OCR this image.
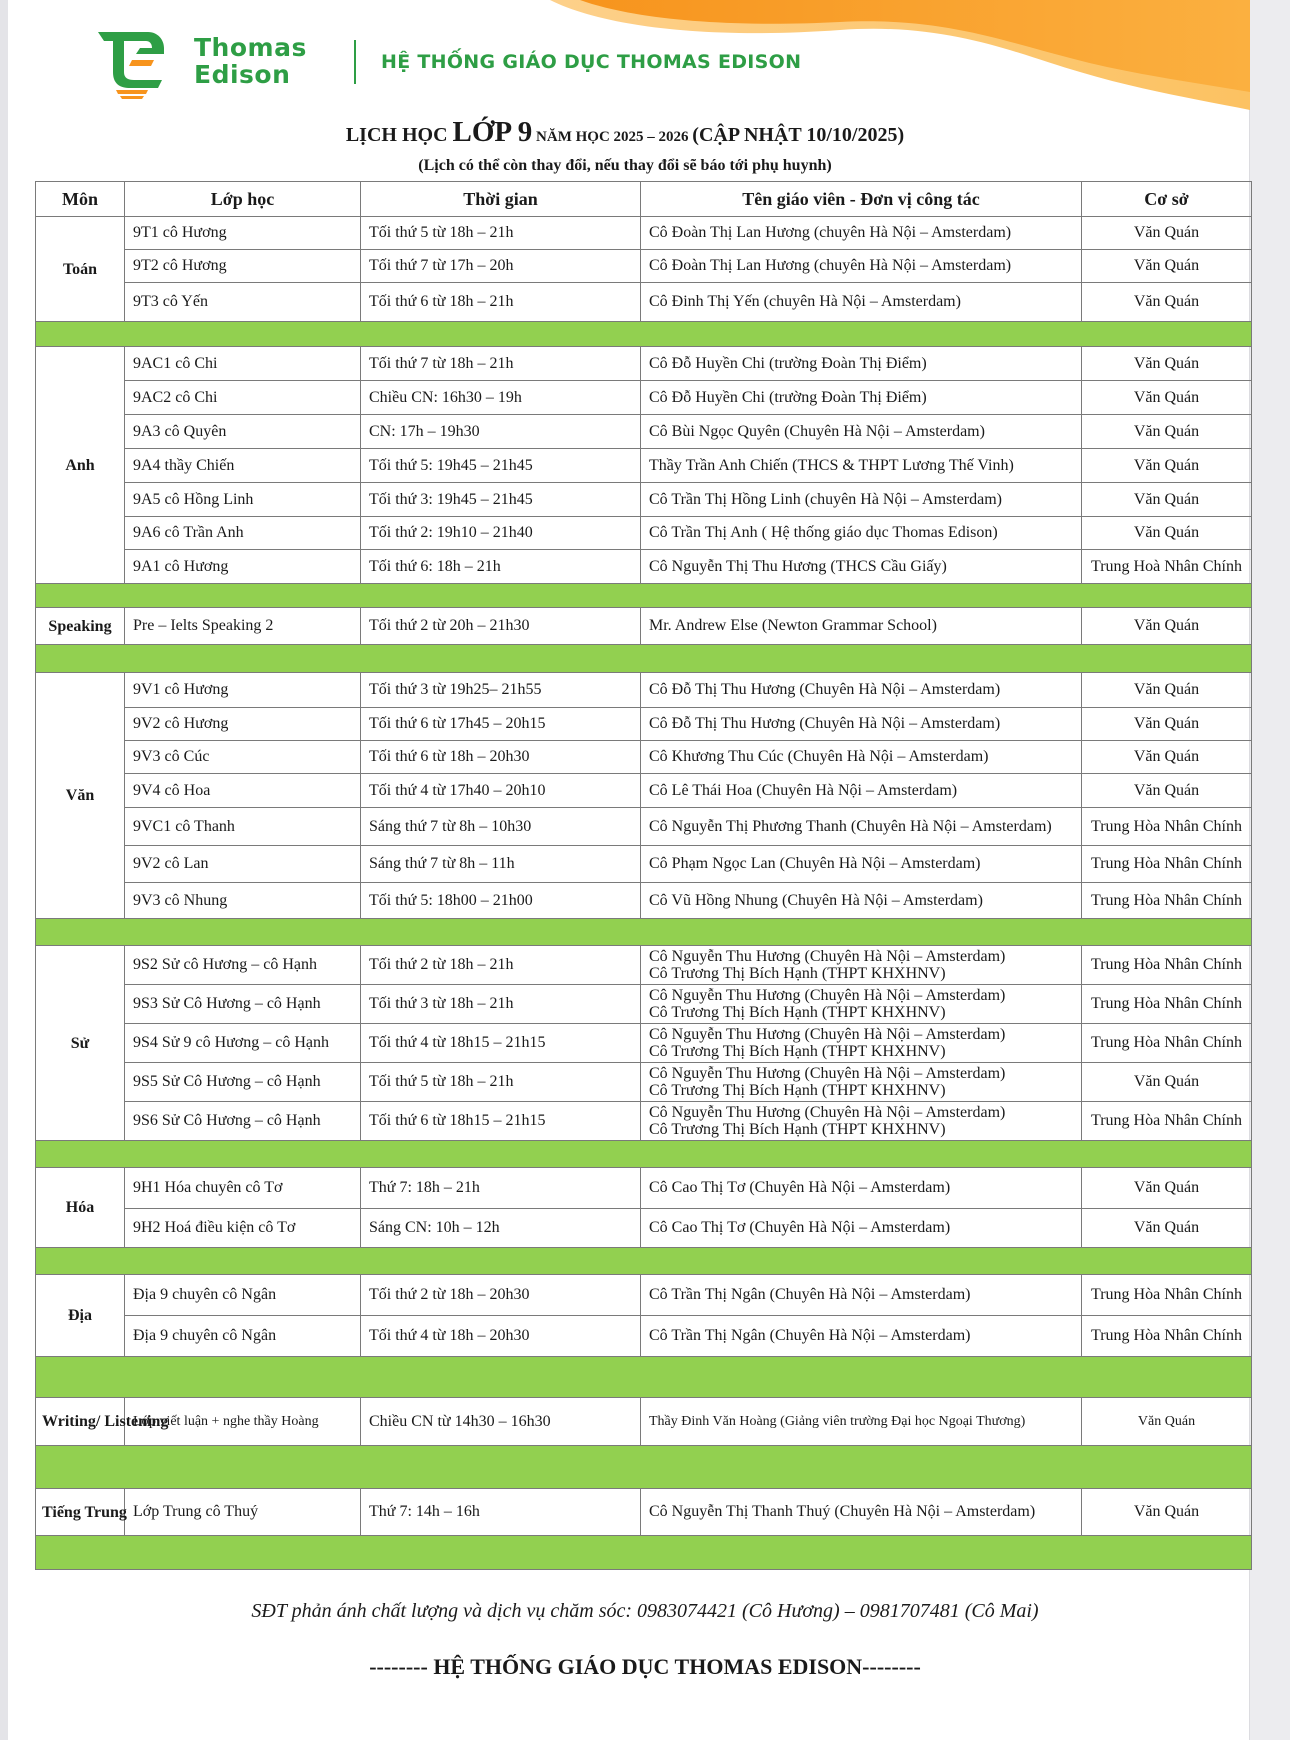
Thomas
Edison	HỆ THỐNG GIÁO DỤC THOMAS EDISON
LỊCH HỌC LỚP 9 NĂM HỌC 2025 – 2026 (CẬP NHẬT 10/10/2025)
(Lịch có thể còn thay đổi, nếu thay đổi sẽ báo tới phụ huynh)
Môn	Lớp học	Thời gian	Tên giáo viên - Đơn vị công tác	Cơ sở
Toán	9T1 cô Hương	Tối thứ 5 từ 18h – 21h	Cô Đoàn Thị Lan Hương (chuyên Hà Nội – Amsterdam)	Văn Quán
	9T2 cô Hương	Tối thứ 7 từ 17h – 20h	Cô Đoàn Thị Lan Hương (chuyên Hà Nội – Amsterdam)	Văn Quán
	9T3 cô Yến	Tối thứ 6 từ 18h – 21h	Cô Đinh Thị Yến (chuyên Hà Nội – Amsterdam)	Văn Quán

Anh	9AC1 cô Chi	Tối thứ 7 từ 18h – 21h	Cô Đỗ Huyền Chi (trường Đoàn Thị Điểm)	Văn Quán
	9AC2 cô Chi	Chiều CN: 16h30 – 19h	Cô Đỗ Huyền Chi (trường Đoàn Thị Điểm)	Văn Quán
	9A3 cô Quyên	CN: 17h – 19h30	Cô Bùi Ngọc Quyên (Chuyên Hà Nội – Amsterdam)	Văn Quán
	9A4 thầy Chiến	Tối thứ 5: 19h45 – 21h45	Thầy Trần Anh Chiến (THCS & THPT Lương Thế Vinh)	Văn Quán
	9A5 cô Hồng Linh	Tối thứ 3: 19h45 – 21h45	Cô Trần Thị Hồng Linh (chuyên Hà Nội – Amsterdam)	Văn Quán
	9A6 cô Trần Anh	Tối thứ 2: 19h10 – 21h40	Cô Trần Thị Anh ( Hệ thống giáo dục Thomas Edison)	Văn Quán
	9A1 cô Hương	Tối thứ 6: 18h – 21h	Cô Nguyễn Thị Thu Hương (THCS Cầu Giấy)	Trung Hoà Nhân Chính

Speaking	Pre – Ielts Speaking 2	Tối thứ 2 từ 20h – 21h30	Mr. Andrew Else (Newton Grammar School)	Văn Quán

Văn	9V1 cô Hương	Tối thứ 3 từ 19h25– 21h55	Cô Đỗ Thị Thu Hương (Chuyên Hà Nội – Amsterdam)	Văn Quán
	9V2 cô Hương	Tối thứ 6 từ 17h45 – 20h15	Cô Đỗ Thị Thu Hương (Chuyên Hà Nội – Amsterdam)	Văn Quán
	9V3 cô Cúc	Tối thứ 6 từ 18h – 20h30	Cô Khương Thu Cúc (Chuyên Hà Nội – Amsterdam)	Văn Quán
	9V4 cô Hoa	Tối thứ 4 từ 17h40 – 20h10	Cô Lê Thái Hoa (Chuyên Hà Nội – Amsterdam)	Văn Quán
	9VC1 cô Thanh	Sáng thứ 7 từ 8h – 10h30	Cô Nguyễn Thị Phương Thanh (Chuyên Hà Nội – Amsterdam)	Trung Hòa Nhân Chính
	9V2 cô Lan	Sáng thứ 7 từ 8h – 11h	Cô Phạm Ngọc Lan (Chuyên Hà Nội – Amsterdam)	Trung Hòa Nhân Chính
	9V3 cô Nhung	Tối thứ 5: 18h00 – 21h00	Cô Vũ Hồng Nhung (Chuyên Hà Nội – Amsterdam)	Trung Hòa Nhân Chính

Sử	9S2 Sử cô Hương – cô Hạnh	Tối thứ 2 từ 18h – 21h	Cô Nguyễn Thu Hương (Chuyên Hà Nội – Amsterdam)
Cô Trương Thị Bích Hạnh (THPT KHXHNV)	Trung Hòa Nhân Chính
	9S3 Sử Cô Hương – cô Hạnh	Tối thứ 3 từ 18h – 21h	Cô Nguyễn Thu Hương (Chuyên Hà Nội – Amsterdam)
Cô Trương Thị Bích Hạnh (THPT KHXHNV)	Trung Hòa Nhân Chính
	9S4 Sử 9 cô Hương – cô Hạnh	Tối thứ 4 từ 18h15 – 21h15	Cô Nguyễn Thu Hương (Chuyên Hà Nội – Amsterdam)
Cô Trương Thị Bích Hạnh (THPT KHXHNV)	Trung Hòa Nhân Chính
	9S5 Sử Cô Hương – cô Hạnh	Tối thứ 5 từ 18h – 21h	Cô Nguyễn Thu Hương (Chuyên Hà Nội – Amsterdam)
Cô Trương Thị Bích Hạnh (THPT KHXHNV)	Văn Quán
	9S6 Sử Cô Hương – cô Hạnh	Tối thứ 6 từ 18h15 – 21h15	Cô Nguyễn Thu Hương (Chuyên Hà Nội – Amsterdam)
Cô Trương Thị Bích Hạnh (THPT KHXHNV)	Trung Hòa Nhân Chính

Hóa	9H1 Hóa chuyên cô Tơ	Thứ 7: 18h – 21h	Cô Cao Thị Tơ (Chuyên Hà Nội – Amsterdam)	Văn Quán
	9H2 Hoá điều kiện cô Tơ	Sáng CN: 10h – 12h	Cô Cao Thị Tơ (Chuyên Hà Nội – Amsterdam)	Văn Quán

Địa	Địa 9 chuyên cô Ngân	Tối thứ 2 từ 18h – 20h30	Cô Trần Thị Ngân (Chuyên Hà Nội – Amsterdam)	Trung Hòa Nhân Chính
	Địa 9 chuyên cô Ngân	Tối thứ 4 từ 18h – 20h30	Cô Trần Thị Ngân (Chuyên Hà Nội – Amsterdam)	Trung Hòa Nhân Chính

Writing/ Listening	Lớp viết luận + nghe thầy Hoàng	Chiều CN từ 14h30 – 16h30	Thầy Đinh Văn Hoàng (Giảng viên trường Đại học Ngoại Thương)	Văn Quán

Tiếng Trung	Lớp Trung cô Thuý	Thứ 7: 14h – 16h	Cô Nguyễn Thị Thanh Thuý (Chuyên Hà Nội – Amsterdam)	Văn Quán

SĐT phản ánh chất lượng và dịch vụ chăm sóc: 0983074421 (Cô Hương) – 0981707481 (Cô Mai)
-------- HỆ THỐNG GIÁO DỤC THOMAS EDISON--------
